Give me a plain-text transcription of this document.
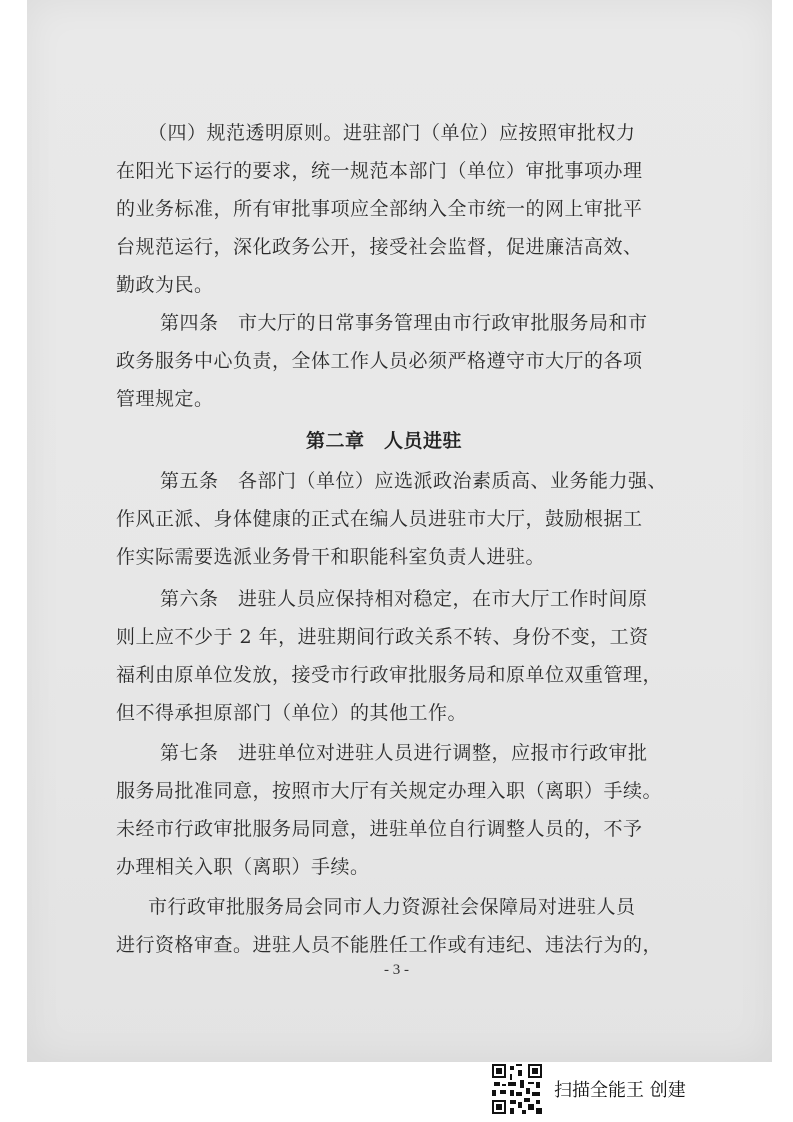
（四）规范透明原则。进驻部门（单位）应按照审批权力
在阳光下运行的要求，统一规范本部门（单位）审批事项办理
的业务标准，所有审批事项应全部纳入全市统一的网上审批平
台规范运行，深化政务公开，接受社会监督，促进廉洁高效、
勤政为民。
第四条　市大厅的日常事务管理由市行政审批服务局和市
政务服务中心负责，全体工作人员必须严格遵守市大厅的各项
管理规定。
第二章　人员进驻
第五条　各部门（单位）应选派政治素质高、业务能力强、
作风正派、身体健康的正式在编人员进驻市大厅，鼓励根据工
作实际需要选派业务骨干和职能科室负责人进驻。
第六条　进驻人员应保持相对稳定，在市大厅工作时间原
则上应不少于 2 年，进驻期间行政关系不转、身份不变，工资
福利由原单位发放，接受市行政审批服务局和原单位双重管理，
但不得承担原部门（单位）的其他工作。
第七条　进驻单位对进驻人员进行调整，应报市行政审批
服务局批准同意，按照市大厅有关规定办理入职（离职）手续。
未经市行政审批服务局同意，进驻单位自行调整人员的，不予
办理相关入职（离职）手续。
市行政审批服务局会同市人力资源社会保障局对进驻人员
进行资格审查。进驻人员不能胜任工作或有违纪、违法行为的，
- 3 -
扫描全能王 创建
